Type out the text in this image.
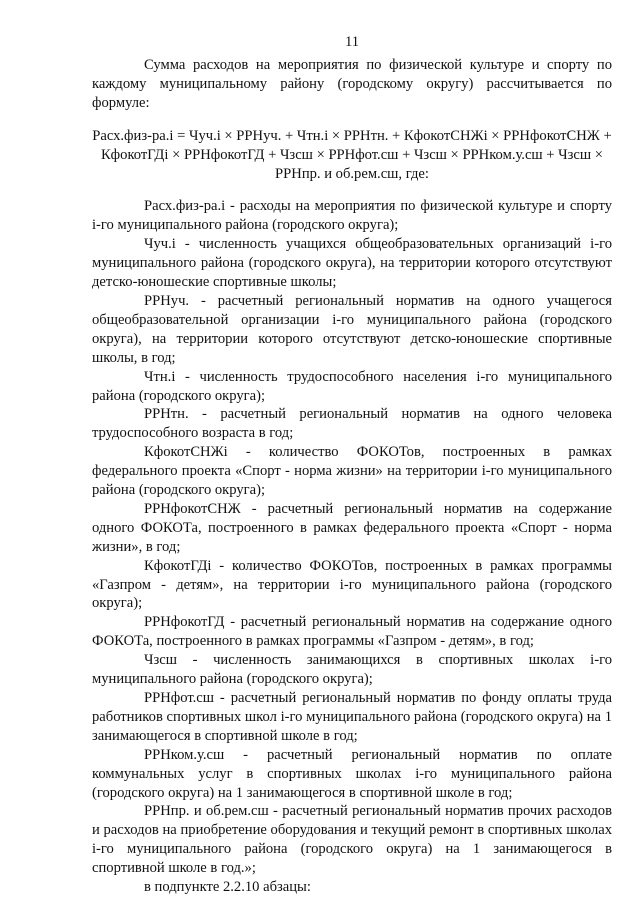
11

Сумма расходов на мероприятия по физической культуре и спорту по каждому муниципальному району (городскому округу) рассчитывается по формуле:

Расх.физ-ра.i = Чуч.i × РРНуч. + Чтн.i × РРНтн. + КфокотСНЖi × РРНфокотСНЖ + КфокотГДi × РРНфокотГД + Чзсш × РРНфот.сш + Чзсш × РРНком.у.сш + Чзсш × РРНпр. и об.рем.сш, где:

Расх.физ-ра.i - расходы на мероприятия по физической культуре и спорту i-го муниципального района (городского округа);

Чуч.i - численность учащихся общеобразовательных организаций i-го муниципального района (городского округа), на территории которого отсутствуют детско-юношеские спортивные школы;

РРНуч. - расчетный региональный норматив на одного учащегося общеобразовательной организации i-го муниципального района (городского округа), на территории которого отсутствуют детско-юношеские спортивные школы, в год;

Чтн.i - численность трудоспособного населения i-го муниципального района (городского округа);

РРНтн. - расчетный региональный норматив на одного человека трудоспособного возраста в год;

КфокотСНЖi - количество ФОКОТов, построенных в рамках федерального проекта «Спорт - норма жизни» на территории i-го муниципального района (городского округа);

РРНфокотСНЖ - расчетный региональный норматив на содержание одного ФОКОТа, построенного в рамках федерального проекта «Спорт - норма жизни», в год;

КфокотГДi - количество ФОКОТов, построенных в рамках программы «Газпром - детям», на территории i-го муниципального района (городского округа);

РРНфокотГД - расчетный региональный норматив на содержание одного ФОКОТа, построенного в рамках программы «Газпром - детям», в год;

Чзсш - численность занимающихся в спортивных школах i-го муниципального района (городского округа);

РРНфот.сш - расчетный региональный норматив по фонду оплаты труда работников спортивных школ i-го муниципального района (городского округа) на 1 занимающегося в спортивной школе в год;

РРНком.у.сш - расчетный региональный норматив по оплате коммунальных услуг в спортивных школах i-го муниципального района (городского округа) на 1 занимающегося в спортивной школе в год;

РРНпр. и об.рем.сш - расчетный региональный норматив прочих расходов и расходов на приобретение оборудования и текущий ремонт в спортивных школах i-го муниципального района (городского округа) на 1 занимающегося в спортивной школе в год.»;

в подпункте 2.2.10 абзацы:
